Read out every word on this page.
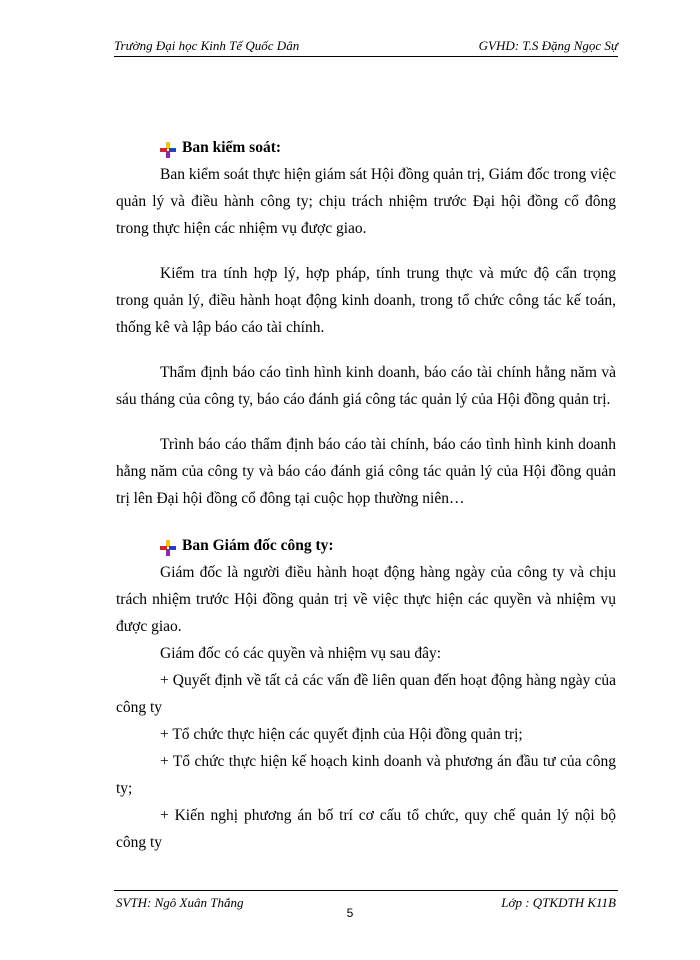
Trường Đại học Kinh Tế Quốc Dân	GVHD: T.S Đặng Ngọc Sự
Ban kiểm soát:

Ban kiểm soát thực hiện giám sát Hội đồng quản trị, Giám đốc trong việc quản lý và điều hành công ty; chịu trách nhiệm trước Đại hội đồng cổ đông trong thực hiện các nhiệm vụ được giao.

Kiểm tra tính hợp lý, hợp pháp, tính trung thực và mức độ cẩn trọng trong quản lý, điều hành hoạt động kinh doanh, trong tổ chức công tác kế toán, thống kê và lập báo cáo tài chính.

Thẩm định báo cáo tình hình kinh doanh, báo cáo tài chính hằng năm và sáu tháng của công ty, báo cáo đánh giá công tác quản lý của Hội đồng quản trị.

Trình báo cáo thẩm định báo cáo tài chính, báo cáo tình hình kinh doanh hằng năm của công ty và báo cáo đánh giá công tác quản lý của Hội đồng quản trị lên Đại hội đồng cổ đông tại cuộc họp thường niên…

Ban Giám đốc công ty:

Giám đốc là người điều hành hoạt động hàng ngày của công ty và chịu trách nhiệm trước Hội đồng quản trị về việc thực hiện các quyền và nhiệm vụ được giao.

Giám đốc có các quyền và nhiệm vụ sau đây:

+ Quyết định về tất cả các vấn đề liên quan đến hoạt động hàng ngày của công ty

+ Tổ chức thực hiện các quyết định của Hội đồng quản trị;

+ Tổ chức thực hiện kế hoạch kinh doanh và phương án đầu tư của công ty;

+ Kiến nghị phương án bố trí cơ cấu tổ chức, quy chế quản lý nội bộ công ty

SVTH: Ngô Xuân Thắng	Lớp : QTKDTH K11B
5
